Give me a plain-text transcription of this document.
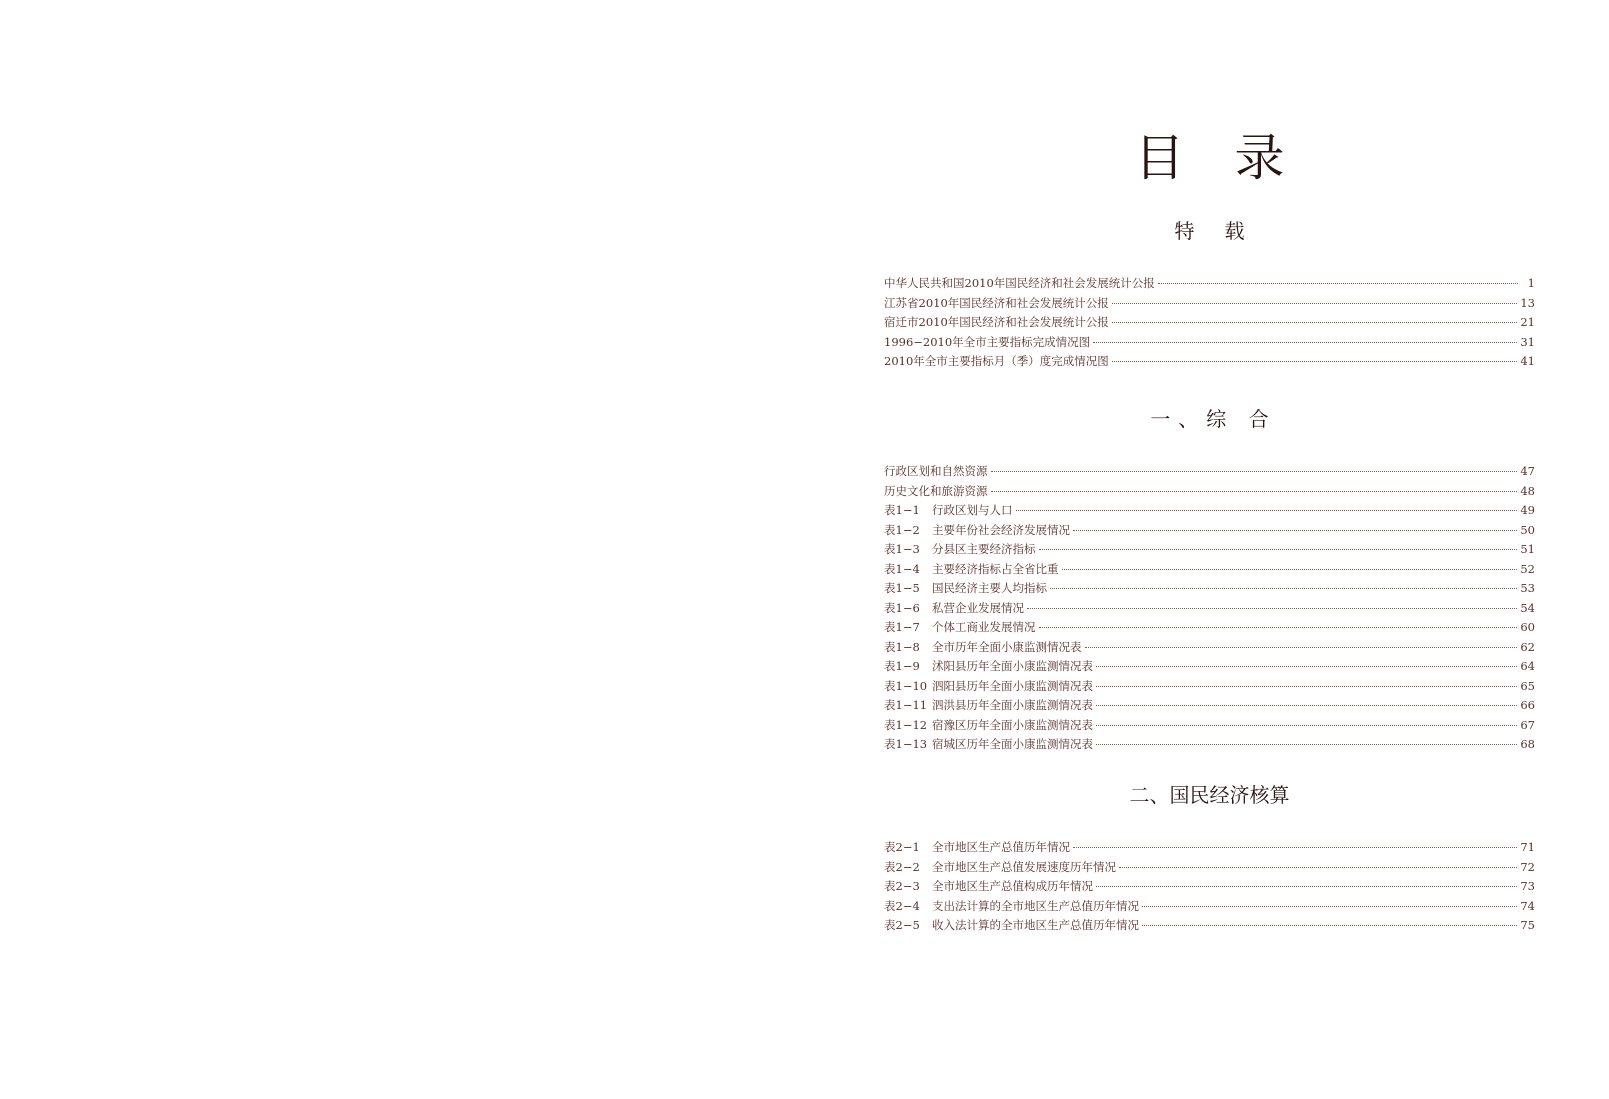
目录
特载
中华人民共和国2010年国民经济和社会发展统计公报	1
江苏省2010年国民经济和社会发展统计公报	13
宿迁市2010年国民经济和社会发展统计公报	21
1996−2010年全市主要指标完成情况图	31
2010年全市主要指标月（季）度完成情况图	41
一、综 合
行政区划和自然资源	47
历史文化和旅游资源	48
表1−1	行政区划与人口	49
表1−2	主要年份社会经济发展情况	50
表1−3	分县区主要经济指标	51
表1−4	主要经济指标占全省比重	52
表1−5	国民经济主要人均指标	53
表1−6	私营企业发展情况	54
表1−7	个体工商业发展情况	60
表1−8	全市历年全面小康监测情况表	62
表1−9	沭阳县历年全面小康监测情况表	64
表1−10 泗阳县历年全面小康监测情况表	65
表1−11 泗洪县历年全面小康监测情况表	66
表1−12 宿豫区历年全面小康监测情况表	67
表1−13 宿城区历年全面小康监测情况表	68
二、国民经济核算
表2−1	全市地区生产总值历年情况	71
表2−2	全市地区生产总值发展速度历年情况	72
表2−3	全市地区生产总值构成历年情况	73
表2−4	支出法计算的全市地区生产总值历年情况	74
表2−5	收入法计算的全市地区生产总值历年情况	75
